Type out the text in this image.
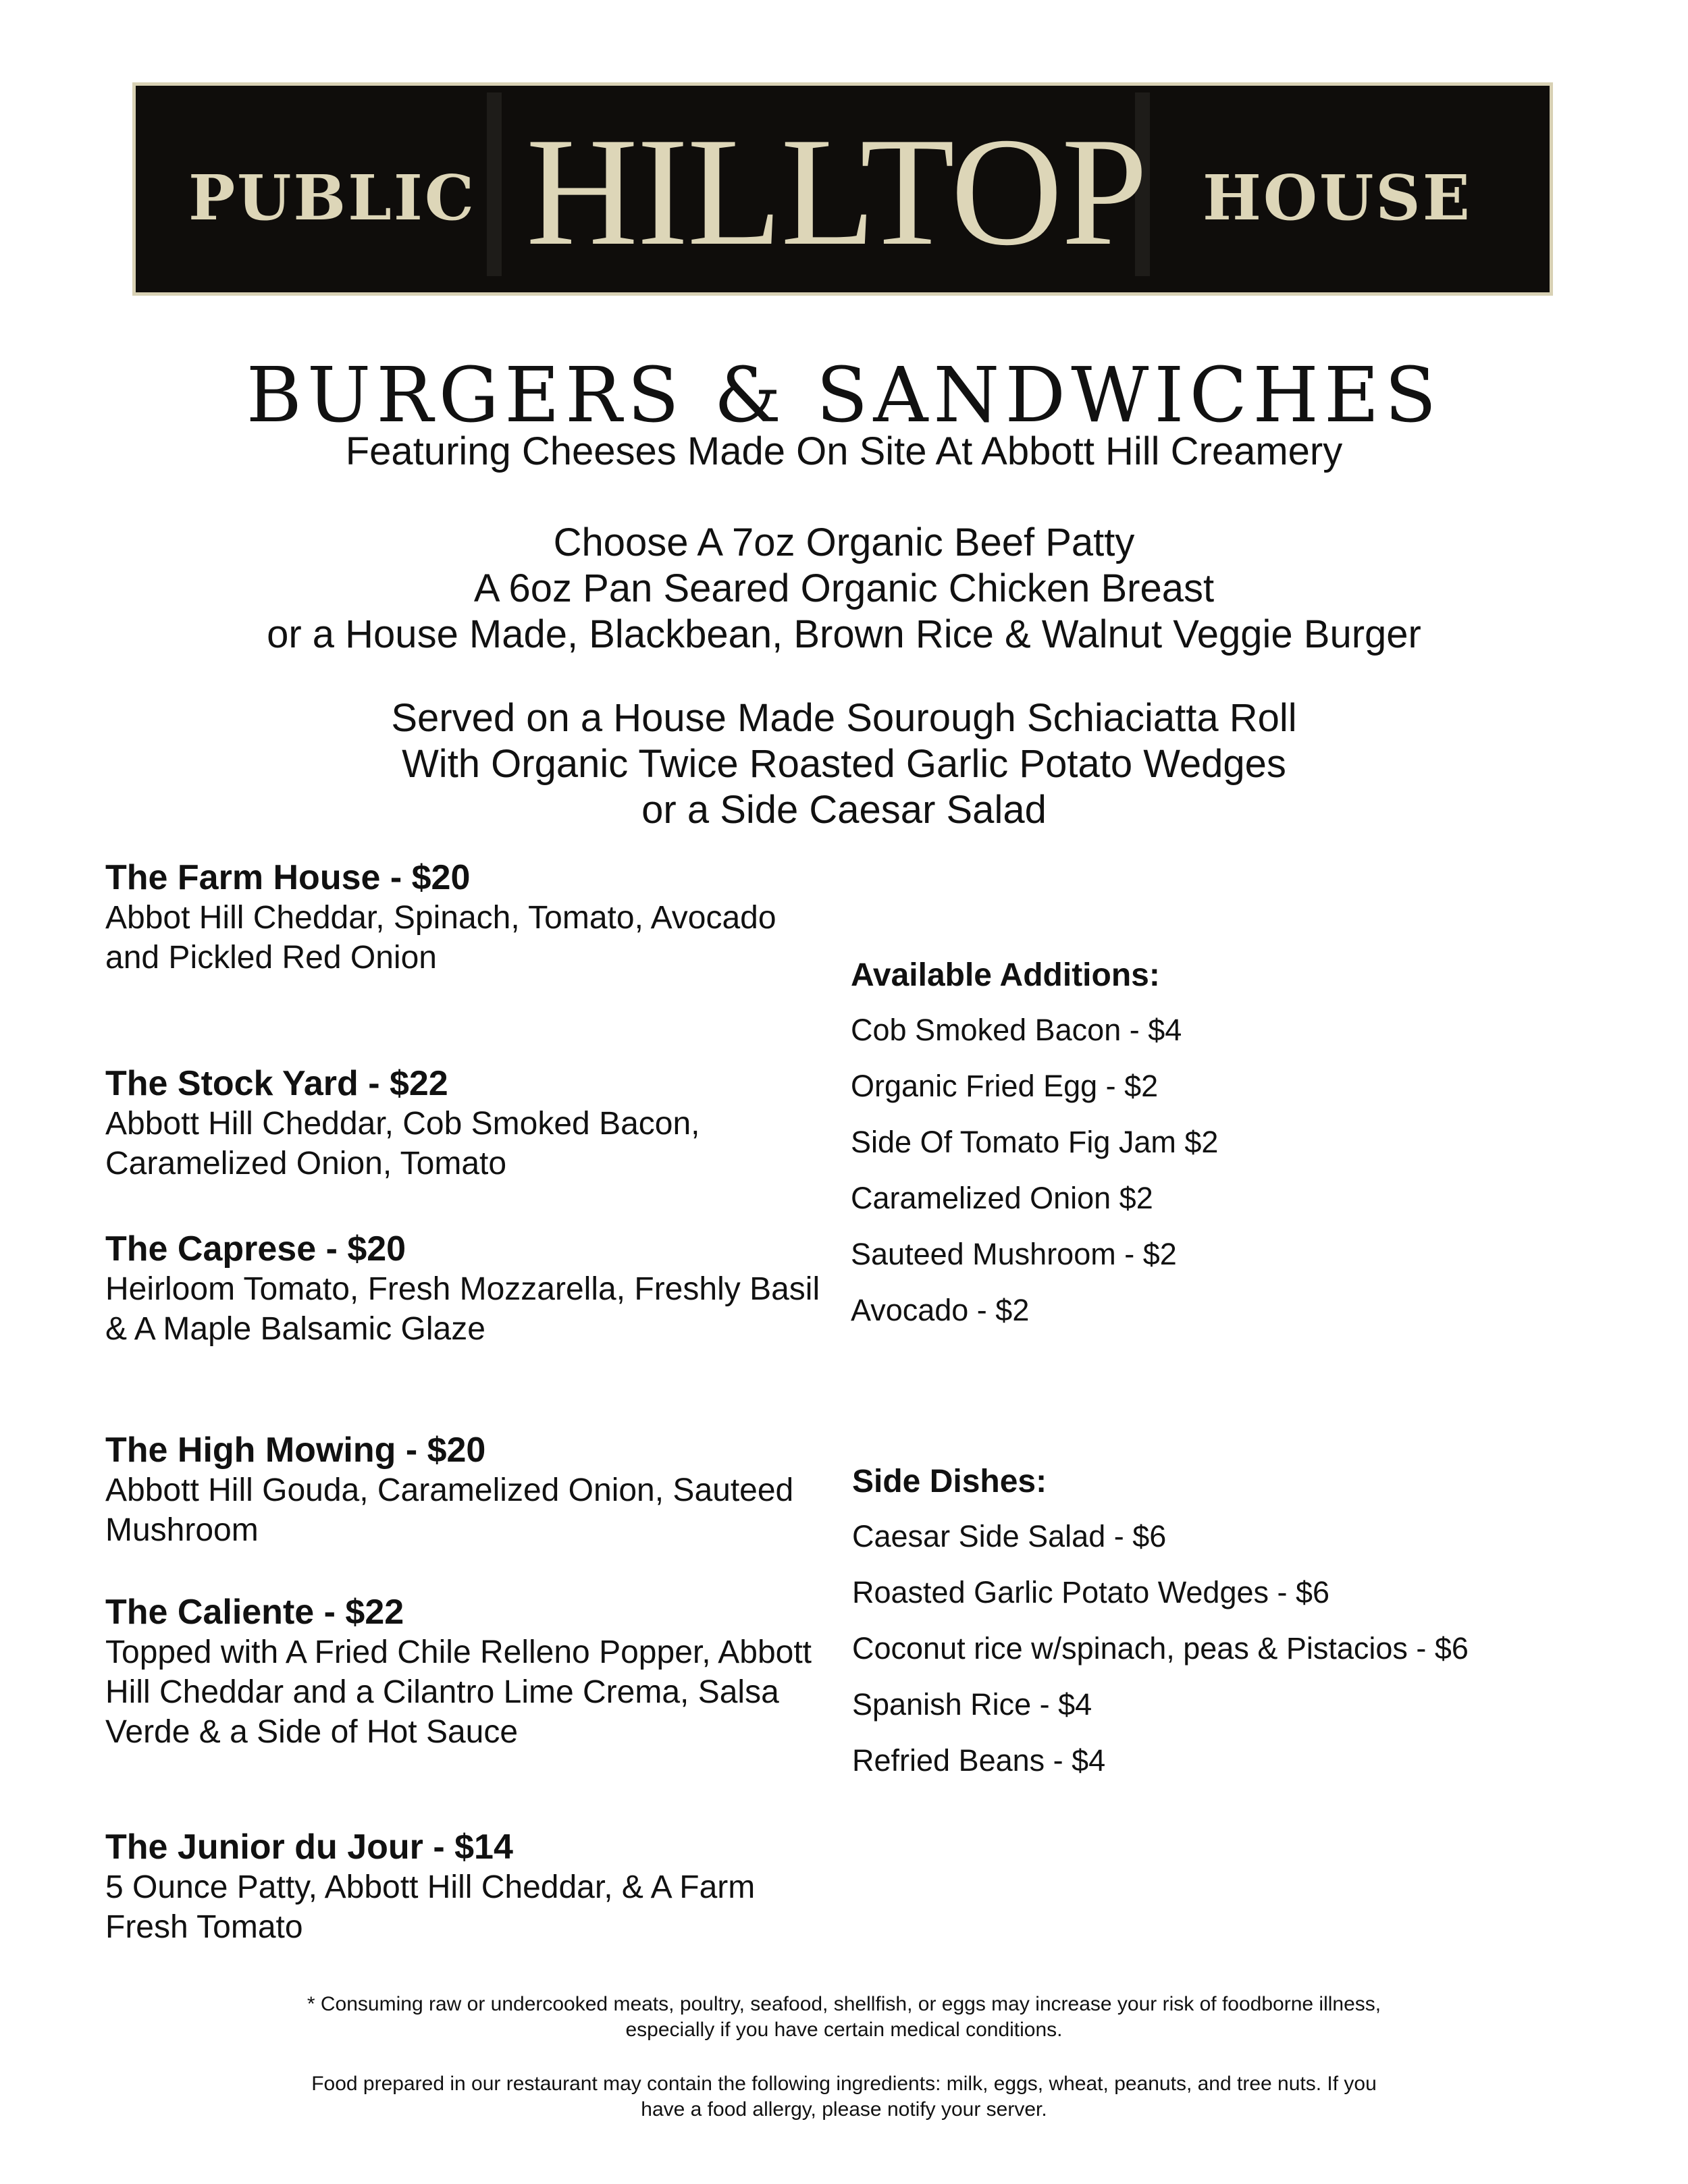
PUBLIC HILLTOP HOUSE
BURGERS & SANDWICHES
Featuring Cheeses Made On Site At Abbott Hill Creamery
Choose A 7oz Organic Beef Patty
A 6oz Pan Seared Organic Chicken Breast
or a House Made, Blackbean, Brown Rice & Walnut Veggie Burger
Served on a House Made Sourough Schiaciatta Roll
With Organic Twice Roasted Garlic Potato Wedges
or a Side Caesar Salad
The Farm House - $20
Abbot Hill Cheddar, Spinach, Tomato, Avocado and Pickled Red Onion
The Stock Yard - $22
Abbott Hill Cheddar, Cob Smoked Bacon, Caramelized Onion, Tomato
The Caprese - $20
Heirloom Tomato, Fresh Mozzarella, Freshly Basil & A Maple Balsamic Glaze
The High Mowing - $20
Abbott Hill Gouda, Caramelized Onion, Sauteed Mushroom
The Caliente - $22
Topped with A Fried Chile Relleno Popper, Abbott Hill Cheddar and a Cilantro Lime Crema, Salsa Verde & a Side of Hot Sauce
The Junior du Jour - $14
5 Ounce Patty, Abbott Hill Cheddar, & A Farm Fresh Tomato
Available Additions:
Cob Smoked Bacon - $4
Organic Fried Egg - $2
Side Of Tomato Fig Jam $2
Caramelized Onion $2
Sauteed Mushroom - $2
Avocado - $2
Side Dishes:
Caesar Side Salad - $6
Roasted Garlic Potato Wedges - $6
Coconut rice w/spinach, peas & Pistacios - $6
Spanish Rice - $4
Refried Beans - $4
* Consuming raw or undercooked meats, poultry, seafood, shellfish, or eggs may increase your risk of foodborne illness,
especially if you have certain medical conditions.
Food prepared in our restaurant may contain the following ingredients: milk, eggs, wheat, peanuts, and tree nuts. If you
have a food allergy, please notify your server.
